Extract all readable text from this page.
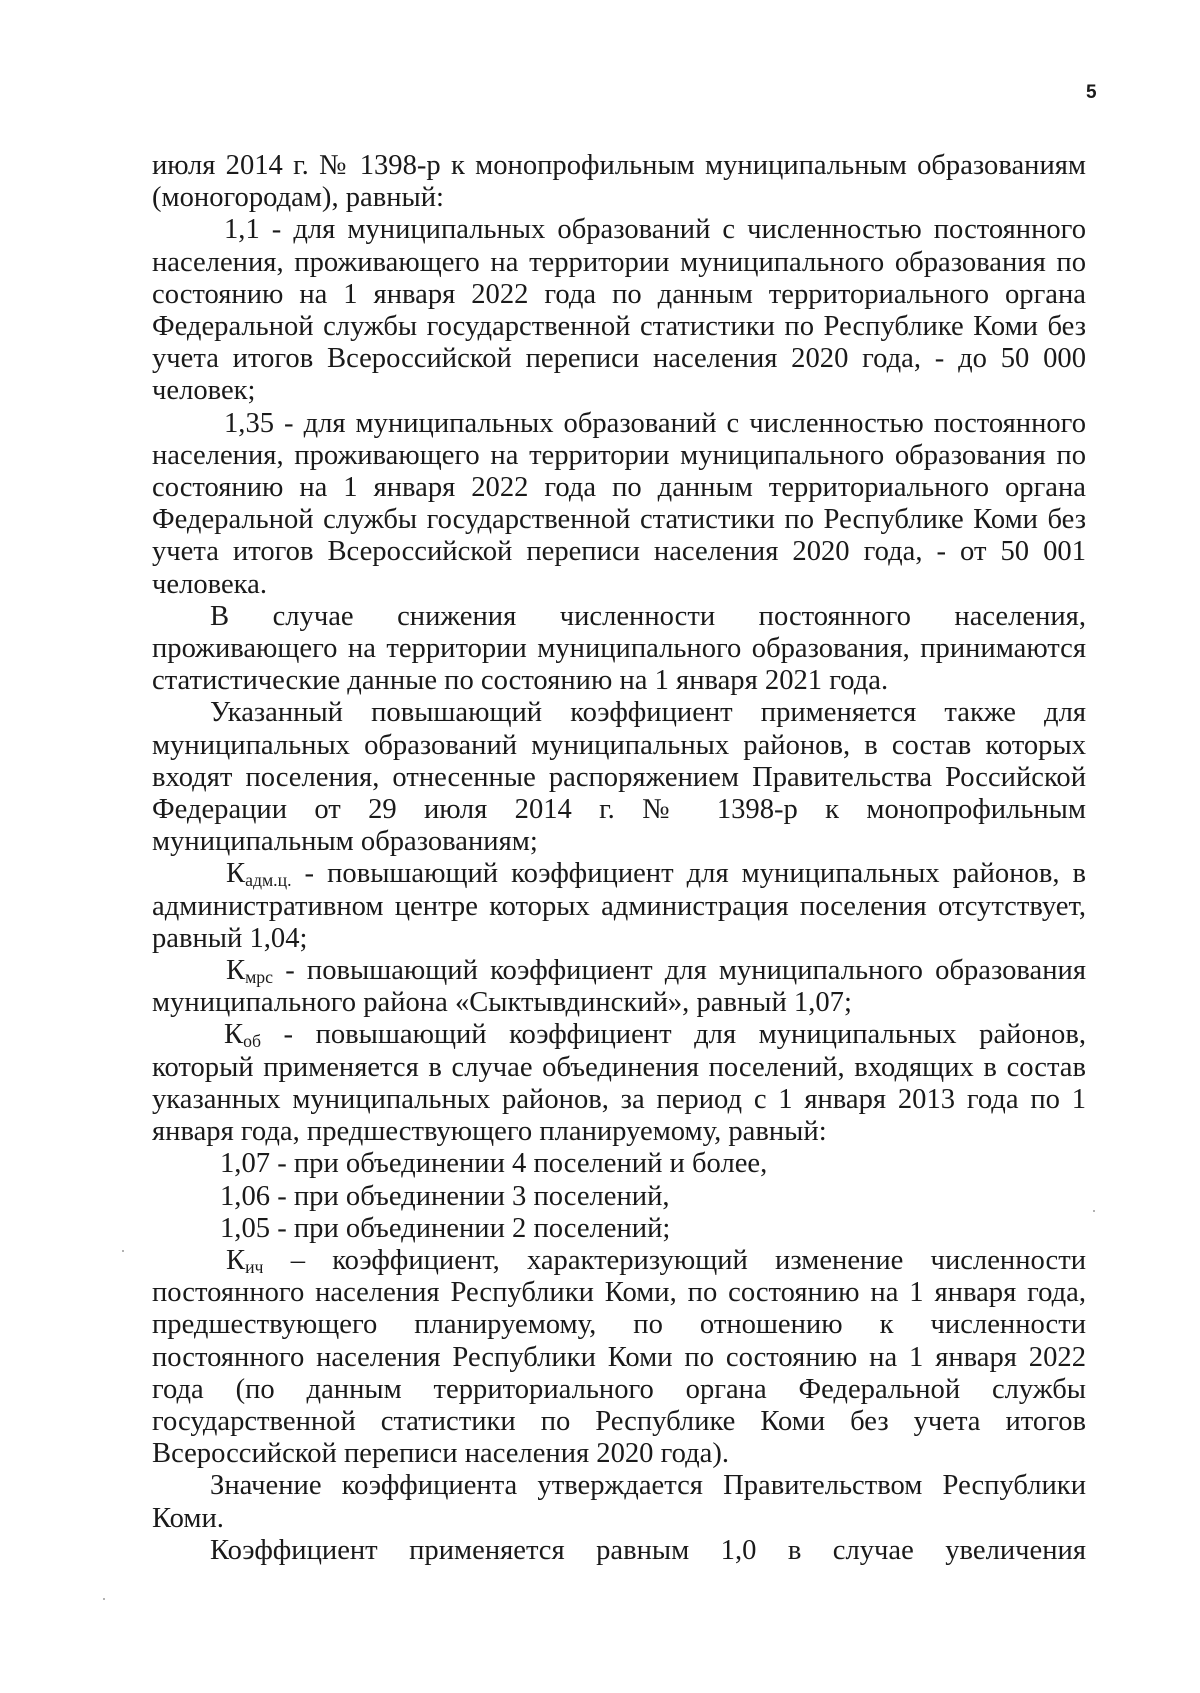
5

июля 2014 г. № 1398-р к монопрофильным муниципальным образованиям (моногородам), равный:

1,1 - для муниципальных образований с численностью постоянного населения, проживающего на территории муниципального образования по состоянию на 1 января 2022 года по данным территориального органа Федеральной службы государственной статистики по Республике Коми без учета итогов Всероссийской переписи населения 2020 года, - до 50 000 человек;

1,35 - для муниципальных образований с численностью постоянного населения, проживающего на территории муниципального образования по состоянию на 1 января 2022 года по данным территориального органа Федеральной службы государственной статистики по Республике Коми без учета итогов Всероссийской переписи населения 2020 года, - от 50 001 человека.

В случае снижения численности постоянного населения, проживающего на территории муниципального образования, принимаются статистические данные по состоянию на 1 января 2021 года.

Указанный повышающий коэффициент применяется также для муниципальных образований муниципальных районов, в состав которых входят поселения, отнесенные распоряжением Правительства Российской Федерации от 29 июля 2014 г. № 1398-р к монопрофильным муниципальным образованиям;

$К_{адм.ц.}$ - повышающий коэффициент для муниципальных районов, в административном центре которых администрация поселения отсутствует, равный 1,04;

$К_{мрс}$ - повышающий коэффициент для муниципального образования муниципального района «Сыктывдинский», равный 1,07;

$К_{об}$ - повышающий коэффициент для муниципальных районов, который применяется в случае объединения поселений, входящих в состав указанных муниципальных районов, за период с 1 января 2013 года по 1 января года, предшествующего планируемому, равный:

1,07 - при объединении 4 поселений и более,

1,06 - при объединении 3 поселений,

1,05 - при объединении 2 поселений;

$К_{ич}$ – коэффициент, характеризующий изменение численности постоянного населения Республики Коми, по состоянию на 1 января года, предшествующего планируемому, по отношению к численности постоянного населения Республики Коми по состоянию на 1 января 2022 года (по данным территориального органа Федеральной службы государственной статистики по Республике Коми без учета итогов Всероссийской переписи населения 2020 года).

Значение коэффициента утверждается Правительством Республики Коми.

Коэффициент применяется равным 1,0 в случае увеличения
